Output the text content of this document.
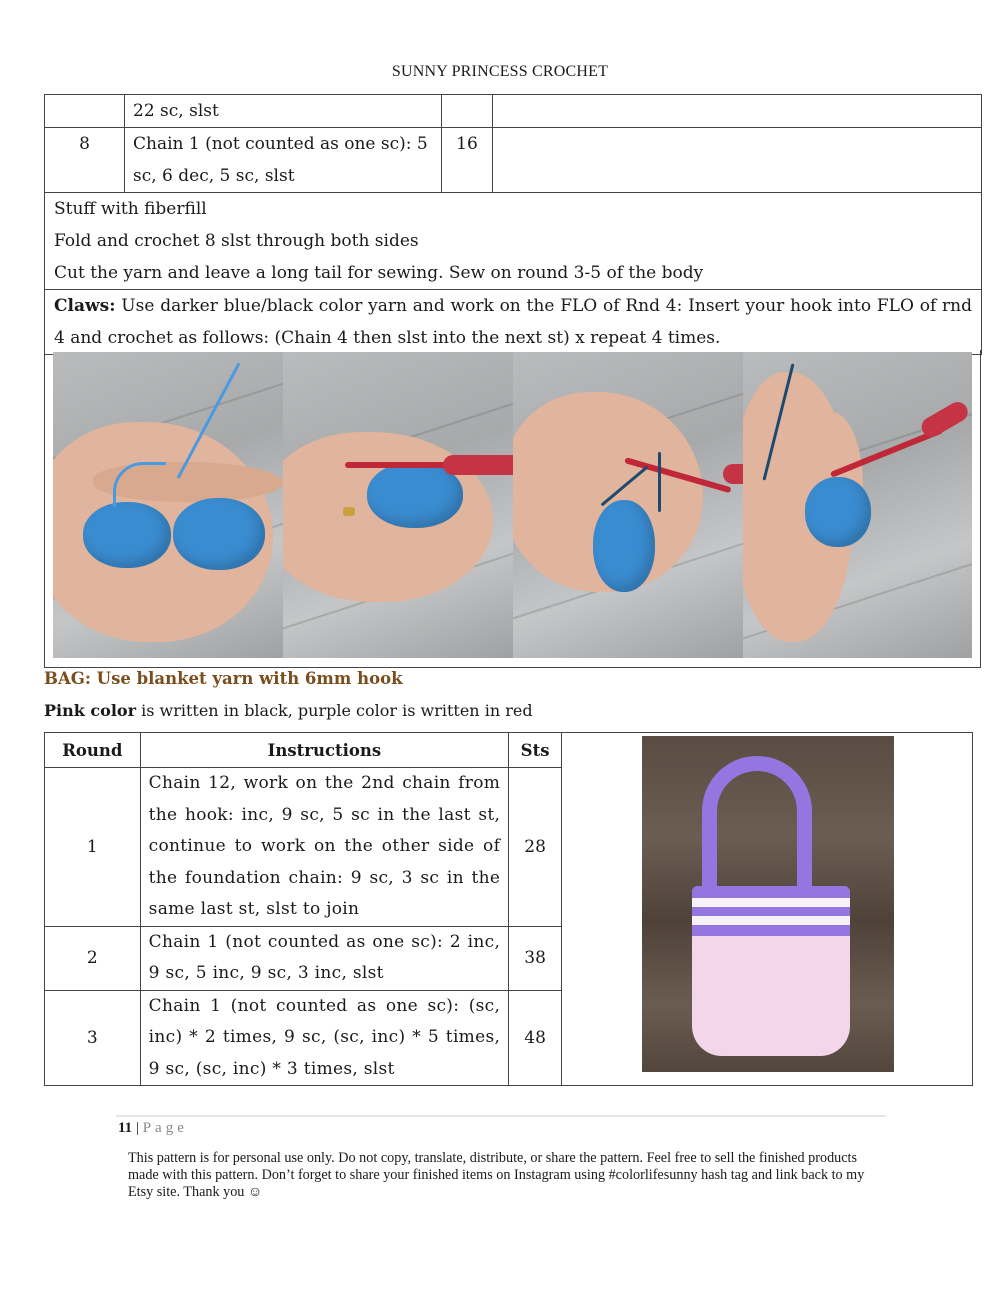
SUNNY PRINCESS CROCHET
	22 sc, slst		
8	Chain 1 (not counted as one sc): 5 sc, 6 dec, 5 sc, slst	16	

Stuff with fiberfill
Fold and crochet 8 slst through both sides
Cut the yarn and leave a long tail for sewing. Sew on round 3-5 of the body			

Claws: Use darker blue/black color yarn and work on the FLO of Rnd 4: Insert your hook into FLO of rnd 4 and crochet as follows: (Chain 4 then slst into the next st) x repeat 4 times.			
BAG: Use blanket yarn with 6mm hook
Pink color is written in black, purple color is written in red
Round	Instructions	Sts	

1	Chain 12, work on the 2nd chain from the hook: inc, 9 sc, 5 sc in the last st, continue to work on the other side of the foundation chain: 9 sc, 3 sc in the same last st, slst to join	28	
2	Chain 1 (not counted as one sc): 2 inc, 9 sc, 5 inc, 9 sc, 3 inc, slst	38	
3	Chain 1 (not counted as one sc): (sc, inc) * 2 times, 9 sc, (sc, inc) * 5 times, 9 sc, (sc, inc) * 3 times, slst	48	
11 | Page
This pattern is for personal use only. Do not copy, translate, distribute, or share the pattern. Feel free to sell the finished products made with this pattern. Don’t forget to share your finished items on Instagram using #colorlifesunny hash tag and link back to my Etsy site. Thank you ☺
